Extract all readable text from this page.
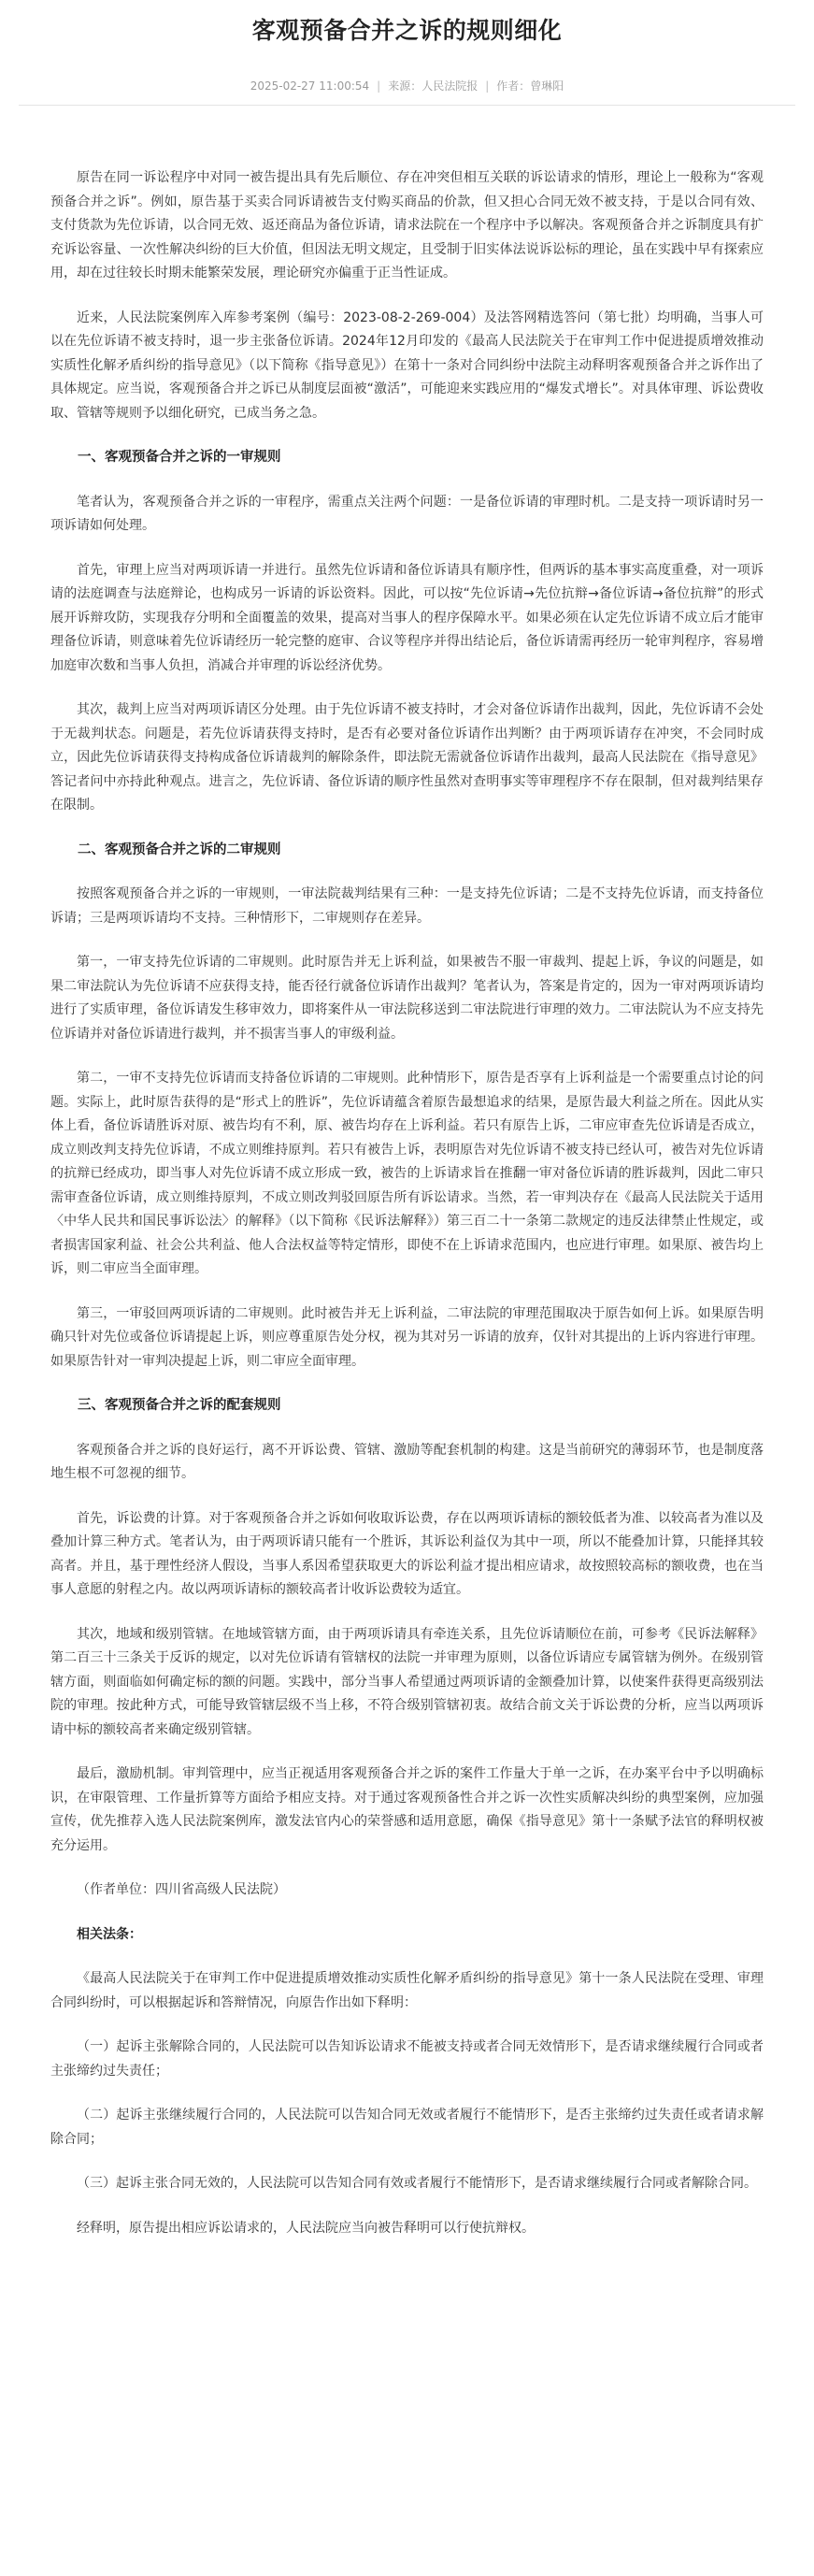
客观预备合并之诉的规则细化
2025-02-27 11:00:54 | 来源：人民法院报 | 作者：曾琳阳

原告在同一诉讼程序中对同一被告提出具有先后顺位、存在冲突但相互关联的诉讼请求的情形，理论上一般称为“客观预备合并之诉”。例如，原告基于买卖合同诉请被告支付购买商品的价款，但又担心合同无效不被支持，于是以合同有效、支付货款为先位诉请，以合同无效、返还商品为备位诉请，请求法院在一个程序中予以解决。客观预备合并之诉制度具有扩充诉讼容量、一次性解决纠纷的巨大价值，但因法无明文规定，且受制于旧实体法说诉讼标的理论，虽在实践中早有探索应用，却在过往较长时期未能繁荣发展，理论研究亦偏重于正当性证成。

近来，人民法院案例库入库参考案例（编号：2023-08-2-269-004）及法答网精选答问（第七批）均明确，当事人可以在先位诉请不被支持时，退一步主张备位诉请。2024年12月印发的《最高人民法院关于在审判工作中促进提质增效推动实质性化解矛盾纠纷的指导意见》（以下简称《指导意见》）在第十一条对合同纠纷中法院主动释明客观预备合并之诉作出了具体规定。应当说，客观预备合并之诉已从制度层面被“激活”，可能迎来实践应用的“爆发式增长”。对具体审理、诉讼费收取、管辖等规则予以细化研究，已成当务之急。

一、客观预备合并之诉的一审规则

笔者认为，客观预备合并之诉的一审程序，需重点关注两个问题：一是备位诉请的审理时机。二是支持一项诉请时另一项诉请如何处理。

首先，审理上应当对两项诉请一并进行。虽然先位诉请和备位诉请具有顺序性，但两诉的基本事实高度重叠，对一项诉请的法庭调查与法庭辩论，也构成另一诉请的诉讼资料。因此，可以按“先位诉请→先位抗辩→备位诉请→备位抗辩”的形式展开诉辩攻防，实现我存分明和全面覆盖的效果，提高对当事人的程序保障水平。如果必须在认定先位诉请不成立后才能审理备位诉请，则意味着先位诉请经历一轮完整的庭审、合议等程序并得出结论后，备位诉请需再经历一轮审判程序，容易增加庭审次数和当事人负担，消减合并审理的诉讼经济优势。

其次，裁判上应当对两项诉请区分处理。由于先位诉请不被支持时，才会对备位诉请作出裁判，因此，先位诉请不会处于无裁判状态。问题是，若先位诉请获得支持时，是否有必要对备位诉请作出判断？由于两项诉请存在冲突，不会同时成立，因此先位诉请获得支持构成备位诉请裁判的解除条件，即法院无需就备位诉请作出裁判，最高人民法院在《指导意见》答记者问中亦持此种观点。进言之，先位诉请、备位诉请的顺序性虽然对查明事实等审理程序不存在限制，但对裁判结果存在限制。

二、客观预备合并之诉的二审规则

按照客观预备合并之诉的一审规则，一审法院裁判结果有三种：一是支持先位诉请；二是不支持先位诉请，而支持备位诉请；三是两项诉请均不支持。三种情形下，二审规则存在差异。

第一，一审支持先位诉请的二审规则。此时原告并无上诉利益，如果被告不服一审裁判、提起上诉，争议的问题是，如果二审法院认为先位诉请不应获得支持，能否径行就备位诉请作出裁判？笔者认为，答案是肯定的，因为一审对两项诉请均进行了实质审理，备位诉请发生移审效力，即将案件从一审法院移送到二审法院进行审理的效力。二审法院认为不应支持先位诉请并对备位诉请进行裁判，并不损害当事人的审级利益。

第二，一审不支持先位诉请而支持备位诉请的二审规则。此种情形下，原告是否享有上诉利益是一个需要重点讨论的问题。实际上，此时原告获得的是“形式上的胜诉”，先位诉请蕴含着原告最想追求的结果，是原告最大利益之所在。因此从实体上看，备位诉请胜诉对原、被告均有不利，原、被告均存在上诉利益。若只有原告上诉，二审应审查先位诉请是否成立，成立则改判支持先位诉请，不成立则维持原判。若只有被告上诉，表明原告对先位诉请不被支持已经认可，被告对先位诉请的抗辩已经成功，即当事人对先位诉请不成立形成一致，被告的上诉请求旨在推翻一审对备位诉请的胜诉裁判，因此二审只需审查备位诉请，成立则维持原判，不成立则改判驳回原告所有诉讼请求。当然，若一审判决存在《最高人民法院关于适用〈中华人民共和国民事诉讼法〉的解释》（以下简称《民诉法解释》）第三百二十一条第二款规定的违反法律禁止性规定，或者损害国家利益、社会公共利益、他人合法权益等特定情形，即使不在上诉请求范围内，也应进行审理。如果原、被告均上诉，则二审应当全面审理。

第三，一审驳回两项诉请的二审规则。此时被告并无上诉利益，二审法院的审理范围取决于原告如何上诉。如果原告明确只针对先位或备位诉请提起上诉，则应尊重原告处分权，视为其对另一诉请的放弃，仅针对其提出的上诉内容进行审理。如果原告针对一审判决提起上诉，则二审应全面审理。

三、客观预备合并之诉的配套规则

客观预备合并之诉的良好运行，离不开诉讼费、管辖、激励等配套机制的构建。这是当前研究的薄弱环节，也是制度落地生根不可忽视的细节。

首先，诉讼费的计算。对于客观预备合并之诉如何收取诉讼费，存在以两项诉请标的额较低者为准、以较高者为准以及叠加计算三种方式。笔者认为，由于两项诉请只能有一个胜诉，其诉讼利益仅为其中一项，所以不能叠加计算，只能择其较高者。并且，基于理性经济人假设，当事人系因希望获取更大的诉讼利益才提出相应请求，故按照较高标的额收费，也在当事人意愿的射程之内。故以两项诉请标的额较高者计收诉讼费较为适宜。

其次，地域和级别管辖。在地域管辖方面，由于两项诉请具有牵连关系，且先位诉请顺位在前，可参考《民诉法解释》第二百三十三条关于反诉的规定，以对先位诉请有管辖权的法院一并审理为原则，以备位诉请应专属管辖为例外。在级别管辖方面，则面临如何确定标的额的问题。实践中，部分当事人希望通过两项诉请的金额叠加计算，以使案件获得更高级别法院的审理。按此种方式，可能导致管辖层级不当上移，不符合级别管辖初衷。故结合前文关于诉讼费的分析，应当以两项诉请中标的额较高者来确定级别管辖。

最后，激励机制。审判管理中，应当正视适用客观预备合并之诉的案件工作量大于单一之诉，在办案平台中予以明确标识，在审限管理、工作量折算等方面给予相应支持。对于通过客观预备性合并之诉一次性实质解决纠纷的典型案例，应加强宣传，优先推荐入选人民法院案例库，激发法官内心的荣誉感和适用意愿，确保《指导意见》第十一条赋予法官的释明权被充分运用。

（作者单位：四川省高级人民法院）

相关法条：

《最高人民法院关于在审判工作中促进提质增效推动实质性化解矛盾纠纷的指导意见》第十一条人民法院在受理、审理合同纠纷时，可以根据起诉和答辩情况，向原告作出如下释明：

（一）起诉主张解除合同的，人民法院可以告知诉讼请求不能被支持或者合同无效情形下，是否请求继续履行合同或者主张缔约过失责任；

（二）起诉主张继续履行合同的，人民法院可以告知合同无效或者履行不能情形下，是否主张缔约过失责任或者请求解除合同；

（三）起诉主张合同无效的，人民法院可以告知合同有效或者履行不能情形下，是否请求继续履行合同或者解除合同。

经释明，原告提出相应诉讼请求的，人民法院应当向被告释明可以行使抗辩权。
